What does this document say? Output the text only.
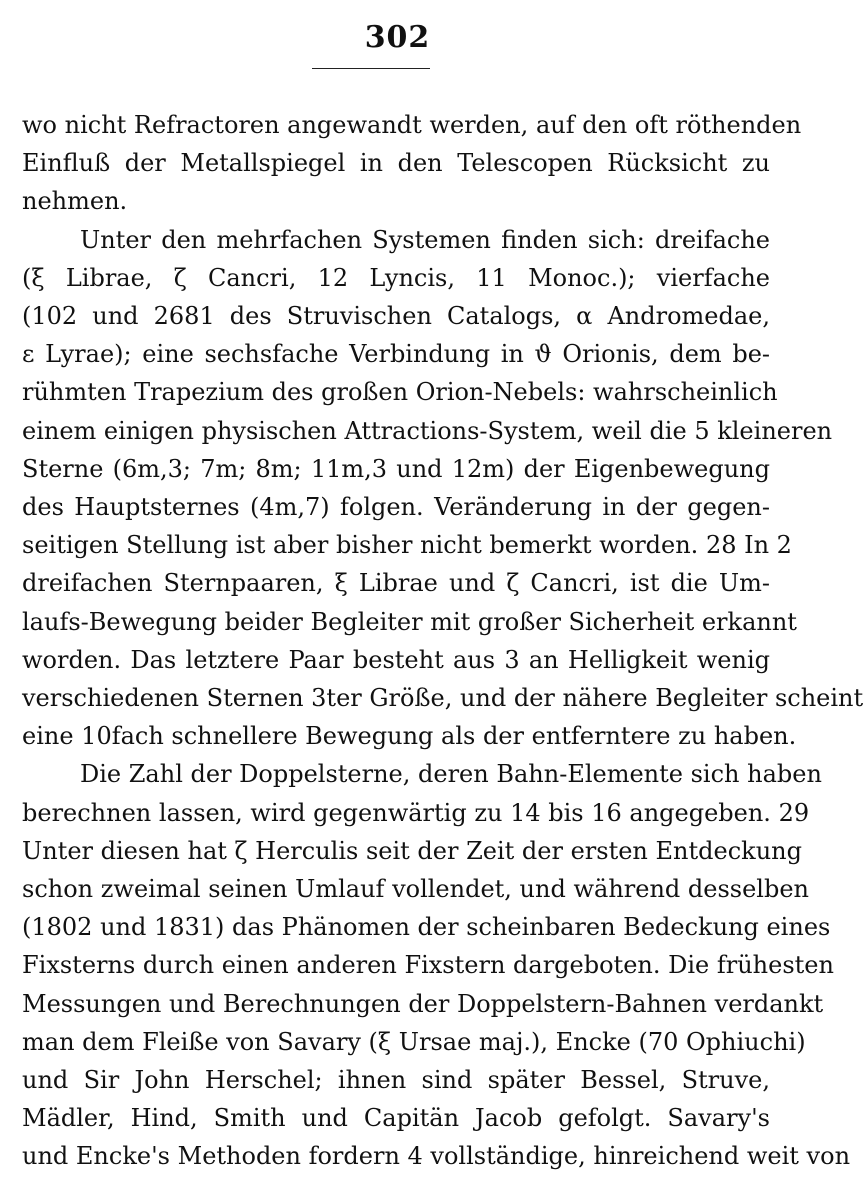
302
wo nicht Refractoren angewandt werden, auf den oft röthenden
Einfluß der Metallspiegel in den Telescopen Rücksicht zu
nehmen.
Unter den mehrfachen Systemen finden sich: dreifache
(ξ Librae, ζ Cancri, 12 Lyncis, 11 Monoc.); vierfache
(102 und 2681 des Struvischen Catalogs, α Andromedae,
ε Lyrae); eine sechsfache Verbindung in ϑ Orionis, dem be-
rühmten Trapezium des großen Orion-Nebels: wahrscheinlich
einem einigen physischen Attractions-System, weil die 5 kleineren
Sterne (6m,3; 7m; 8m; 11m,3 und 12m) der Eigenbewegung
des Hauptsternes (4m,7) folgen. Veränderung in der gegen-
seitigen Stellung ist aber bisher nicht bemerkt worden. 28 In 2
dreifachen Sternpaaren, ξ Librae und ζ Cancri, ist die Um-
laufs-Bewegung beider Begleiter mit großer Sicherheit erkannt
worden. Das letztere Paar besteht aus 3 an Helligkeit wenig
verschiedenen Sternen 3ter Größe, und der nähere Begleiter scheint
eine 10fach schnellere Bewegung als der entferntere zu haben.
Die Zahl der Doppelsterne, deren Bahn-Elemente sich haben
berechnen lassen, wird gegenwärtig zu 14 bis 16 angegeben. 29
Unter diesen hat ζ Herculis seit der Zeit der ersten Entdeckung
schon zweimal seinen Umlauf vollendet, und während desselben
(1802 und 1831) das Phänomen der scheinbaren Bedeckung eines
Fixsterns durch einen anderen Fixstern dargeboten. Die frühesten
Messungen und Berechnungen der Doppelstern-Bahnen verdankt
man dem Fleiße von Savary (ξ Ursae maj.), Encke (70 Ophiuchi)
und Sir John Herschel; ihnen sind später Bessel, Struve,
Mädler, Hind, Smith und Capitän Jacob gefolgt. Savary's
und Encke's Methoden fordern 4 vollständige, hinreichend weit von
